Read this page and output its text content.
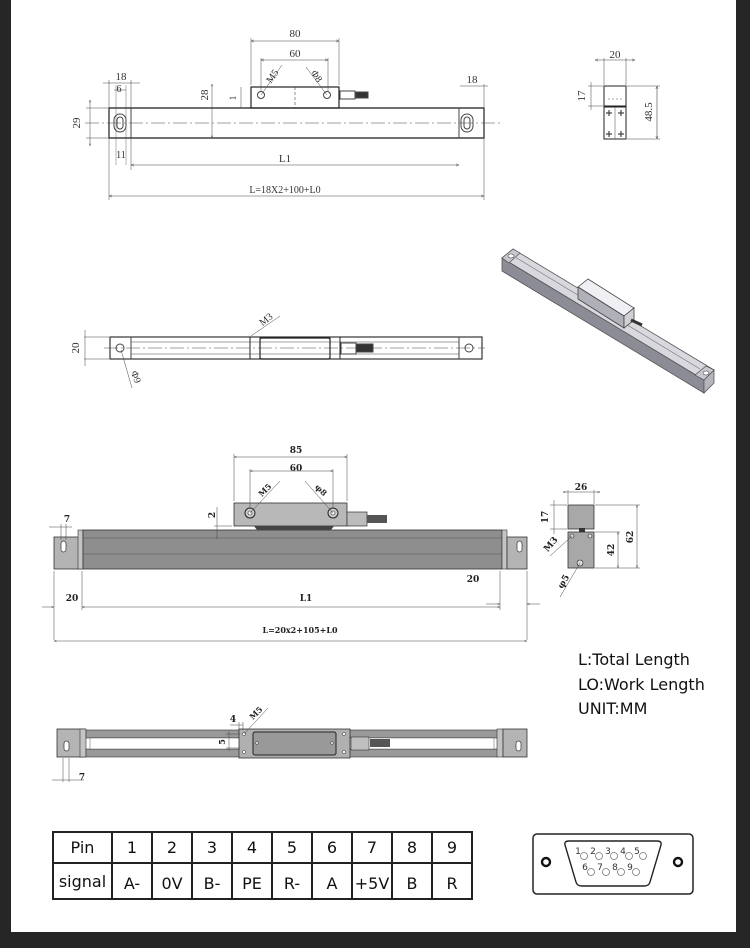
80
60
18
6
18
28 1
29
11
M5	Φ8
L1
L=18X2+100+L0
20
17
48.5
20
M3
Φ9
85
60
M5	φ8
2
7
20
20
L1
L=20x2+105+L0
26
17
42
62
M3
φ5
4
5
M5
7
1 2 3 4 5
6 7 8 9
L:Total Length
LO:Work Length
UNIT:MM
Pin	1	2	3	4	5	6	7	8	9
signal	A-	0V	B-	PE	R-	A	+5V	B	R
